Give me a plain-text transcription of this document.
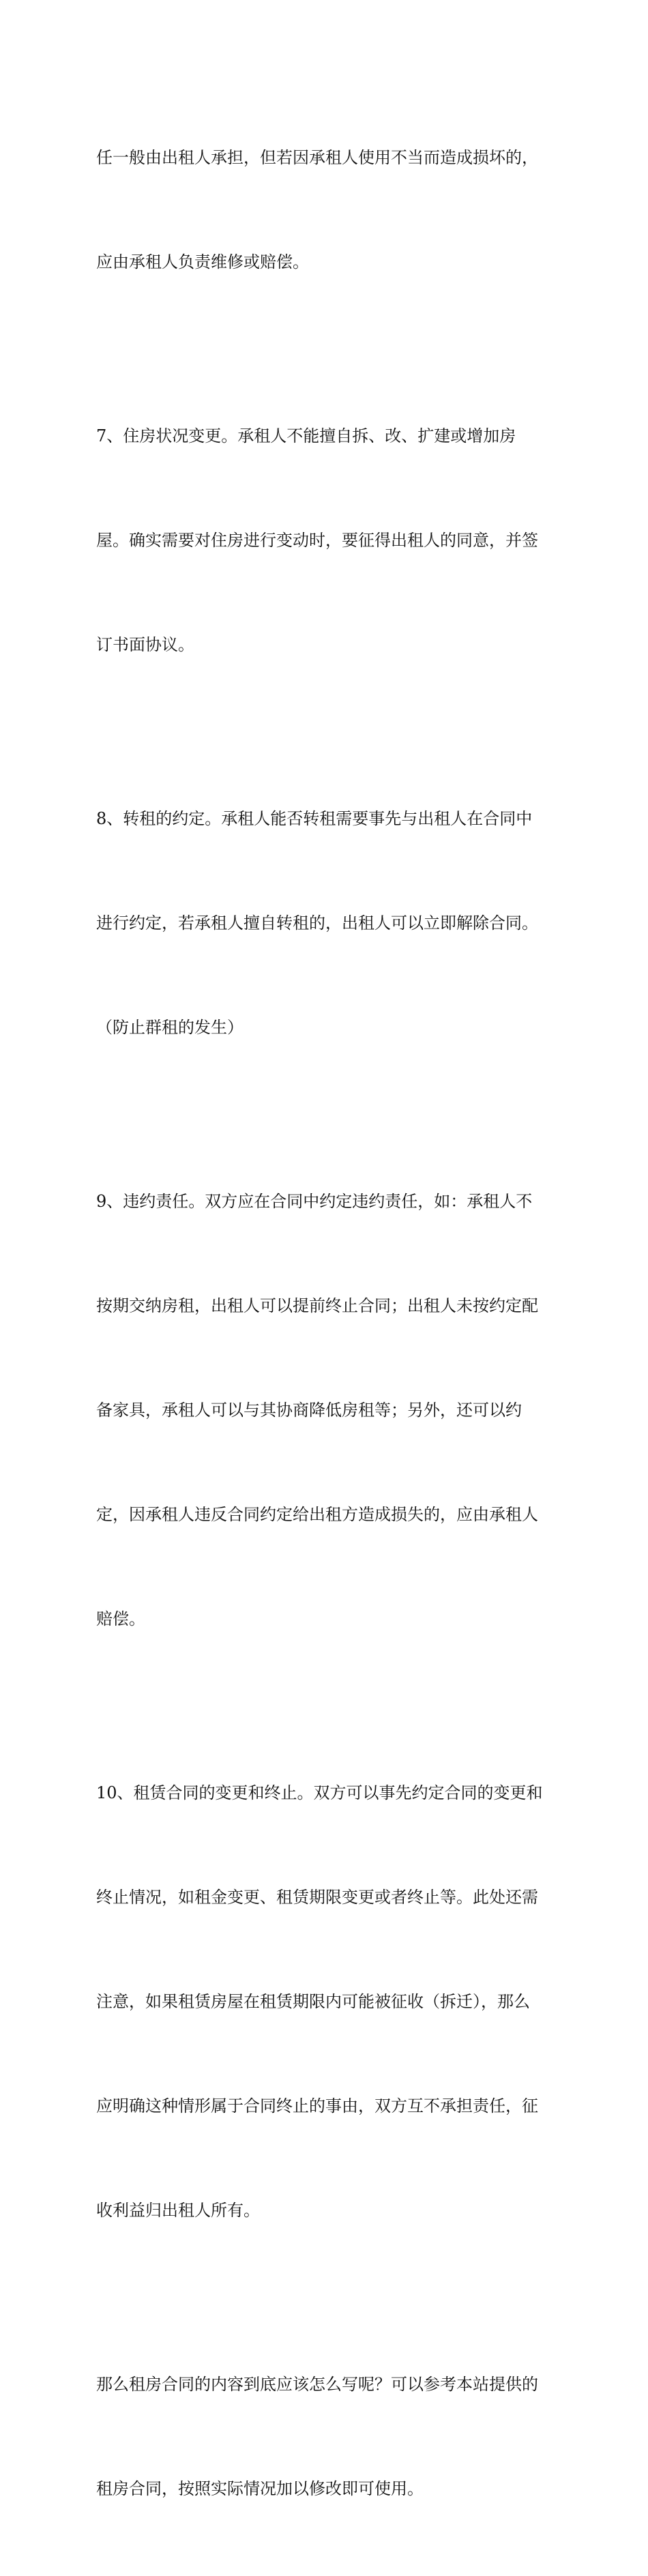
任一般由出租人承担，但若因承租人使用不当而造成损坏的，

应由承租人负责维修或赔偿。

7、住房状况变更。承租人不能擅自拆、改、扩建或增加房

屋。确实需要对住房进行变动时，要征得出租人的同意，并签

订书面协议。

8、转租的约定。承租人能否转租需要事先与出租人在合同中

进行约定，若承租人擅自转租的，出租人可以立即解除合同。

（防止群租的发生）

9、违约责任。双方应在合同中约定违约责任，如：承租人不

按期交纳房租，出租人可以提前终止合同；出租人未按约定配

备家具，承租人可以与其协商降低房租等；另外，还可以约

定，因承租人违反合同约定给出租方造成损失的，应由承租人

赔偿。

10、租赁合同的变更和终止。双方可以事先约定合同的变更和

终止情况，如租金变更、租赁期限变更或者终止等。此处还需

注意，如果租赁房屋在租赁期限内可能被征收（拆迁），那么

应明确这种情形属于合同终止的事由，双方互不承担责任，征

收利益归出租人所有。

那么租房合同的内容到底应该怎么写呢？可以参考本站提供的

租房合同，按照实际情况加以修改即可使用。
